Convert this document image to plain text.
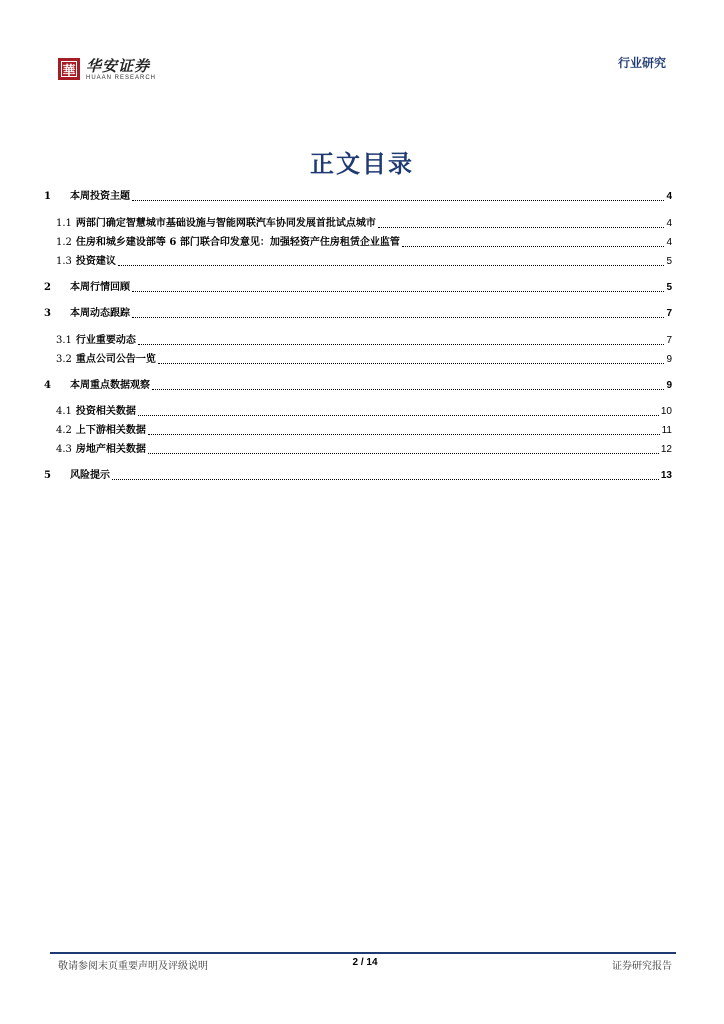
華 华安证券
HUAAN RESEARCH
行业研究
正文目录
1	本周投资主题	4
1.1 两部门确定智慧城市基础设施与智能网联汽车协同发展首批试点城市	4
1.2 住房和城乡建设部等 6 部门联合印发意见：加强轻资产住房租赁企业监管	4
1.3 投资建议	5
2	本周行情回顾	5
3	本周动态跟踪	7
3.1 行业重要动态	7
3.2 重点公司公告一览	9
4	本周重点数据观察	9
4.1 投资相关数据	10
4.2 上下游相关数据	11
4.3 房地产相关数据	12
5	风险提示	13
敬请参阅末页重要声明及评级说明	2 / 14	证券研究报告
